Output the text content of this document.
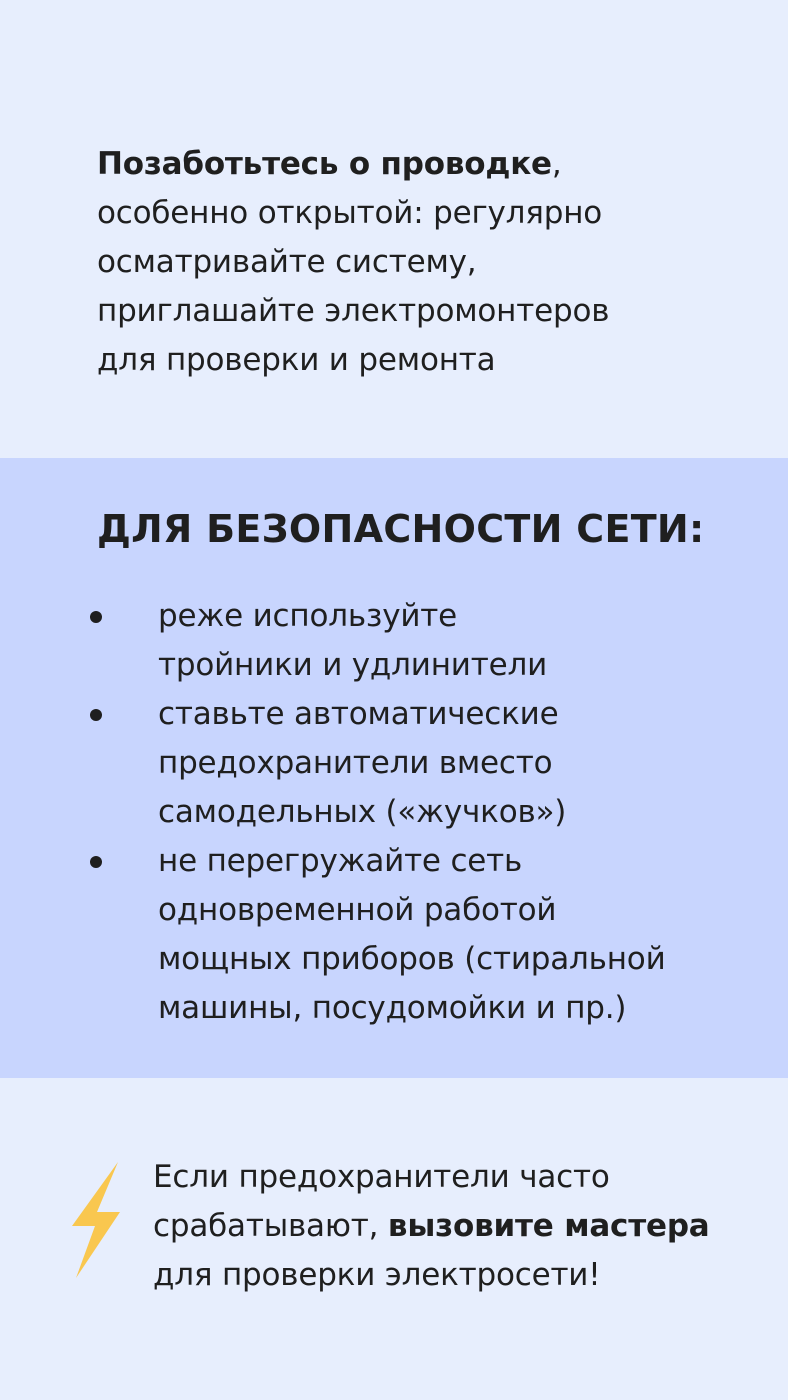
Позаботьтесь о проводке,
особенно открытой: регулярно
осматривайте систему,
приглашайте электромонтеров
для проверки и ремонта
ДЛЯ БЕЗОПАСНОСТИ СЕТИ:
реже используйте
тройники и удлинители
ставьте автоматические
предохранители вместо
самодельных («жучков»)
не перегружайте сеть
одновременной работой
мощных приборов (стиральной
машины, посудомойки и пр.)
Если предохранители часто
срабатывают, вызовите мастера
для проверки электросети!
